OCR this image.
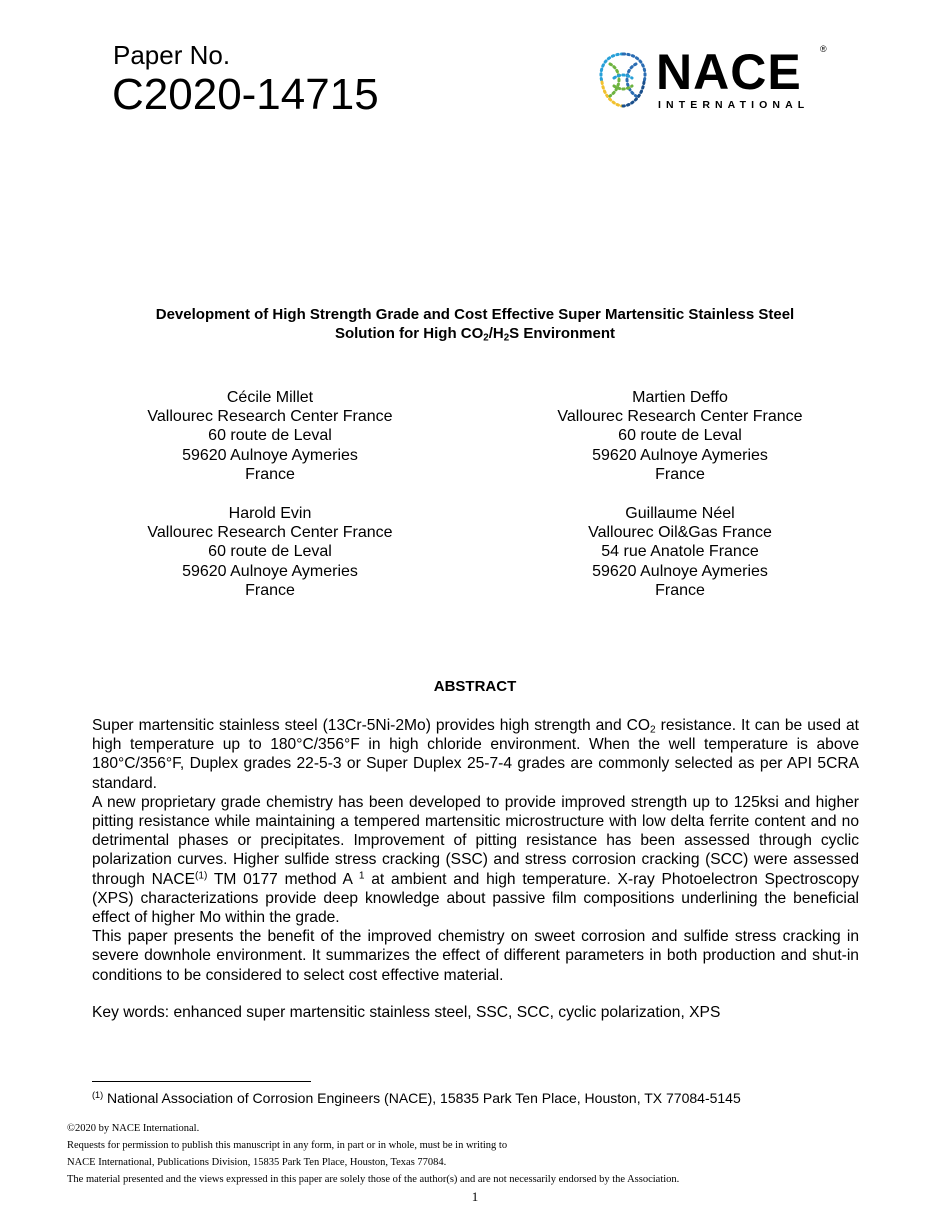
Paper No.
C2020-14715	NACE ®
INTERNATIONAL
Development of High Strength Grade and Cost Effective Super Martensitic Stainless Steel
Solution for High $CO_2/H_2S$ Environment
Cécile Millet
Vallourec Research Center France
60 route de Leval
59620 Aulnoye Aymeries
France
Martien Deffo
Vallourec Research Center France
60 route de Leval
59620 Aulnoye Aymeries
France
Harold Evin
Vallourec Research Center France
60 route de Leval
59620 Aulnoye Aymeries
France
Guillaume Néel
Vallourec Oil&Gas France
54 rue Anatole France
59620 Aulnoye Aymeries
France
ABSTRACT

Super martensitic stainless steel (13Cr-5Ni-2Mo) provides high strength and $CO_2$ resistance. It can be used at high temperature up to 180°C/356°F in high chloride environment. When the well temperature is above 180°C/356°F, Duplex grades 22-5-3 or Super Duplex 25-7-4 grades are commonly selected as per API 5CRA standard.

A new proprietary grade chemistry has been developed to provide improved strength up to 125ksi and higher pitting resistance while maintaining a tempered martensitic microstructure with low delta ferrite content and no detrimental phases or precipitates. Improvement of pitting resistance has been assessed through cyclic polarization curves. Higher sulfide stress cracking (SSC) and stress corrosion cracking (SCC) were assessed through NACE$^{(1)}$ TM 0177 method A $^1$ at ambient and high temperature. X-ray Photoelectron Spectroscopy (XPS) characterizations provide deep knowledge about passive film compositions underlining the beneficial effect of higher Mo within the grade.

This paper presents the benefit of the improved chemistry on sweet corrosion and sulfide stress cracking in severe downhole environment. It summarizes the effect of different parameters in both production and shut-in conditions to be considered to select cost effective material.

Key words: enhanced super martensitic stainless steel, SSC, SCC, cyclic polarization, XPS
$^{(1)}$ National Association of Corrosion Engineers (NACE), 15835 Park Ten Place, Houston, TX 77084-5145
©2020 by NACE International.
Requests for permission to publish this manuscript in any form, in part or in whole, must be in writing to
NACE International, Publications Division, 15835 Park Ten Place, Houston, Texas 77084.
The material presented and the views expressed in this paper are solely those of the author(s) and are not necessarily endorsed by the Association.
1
